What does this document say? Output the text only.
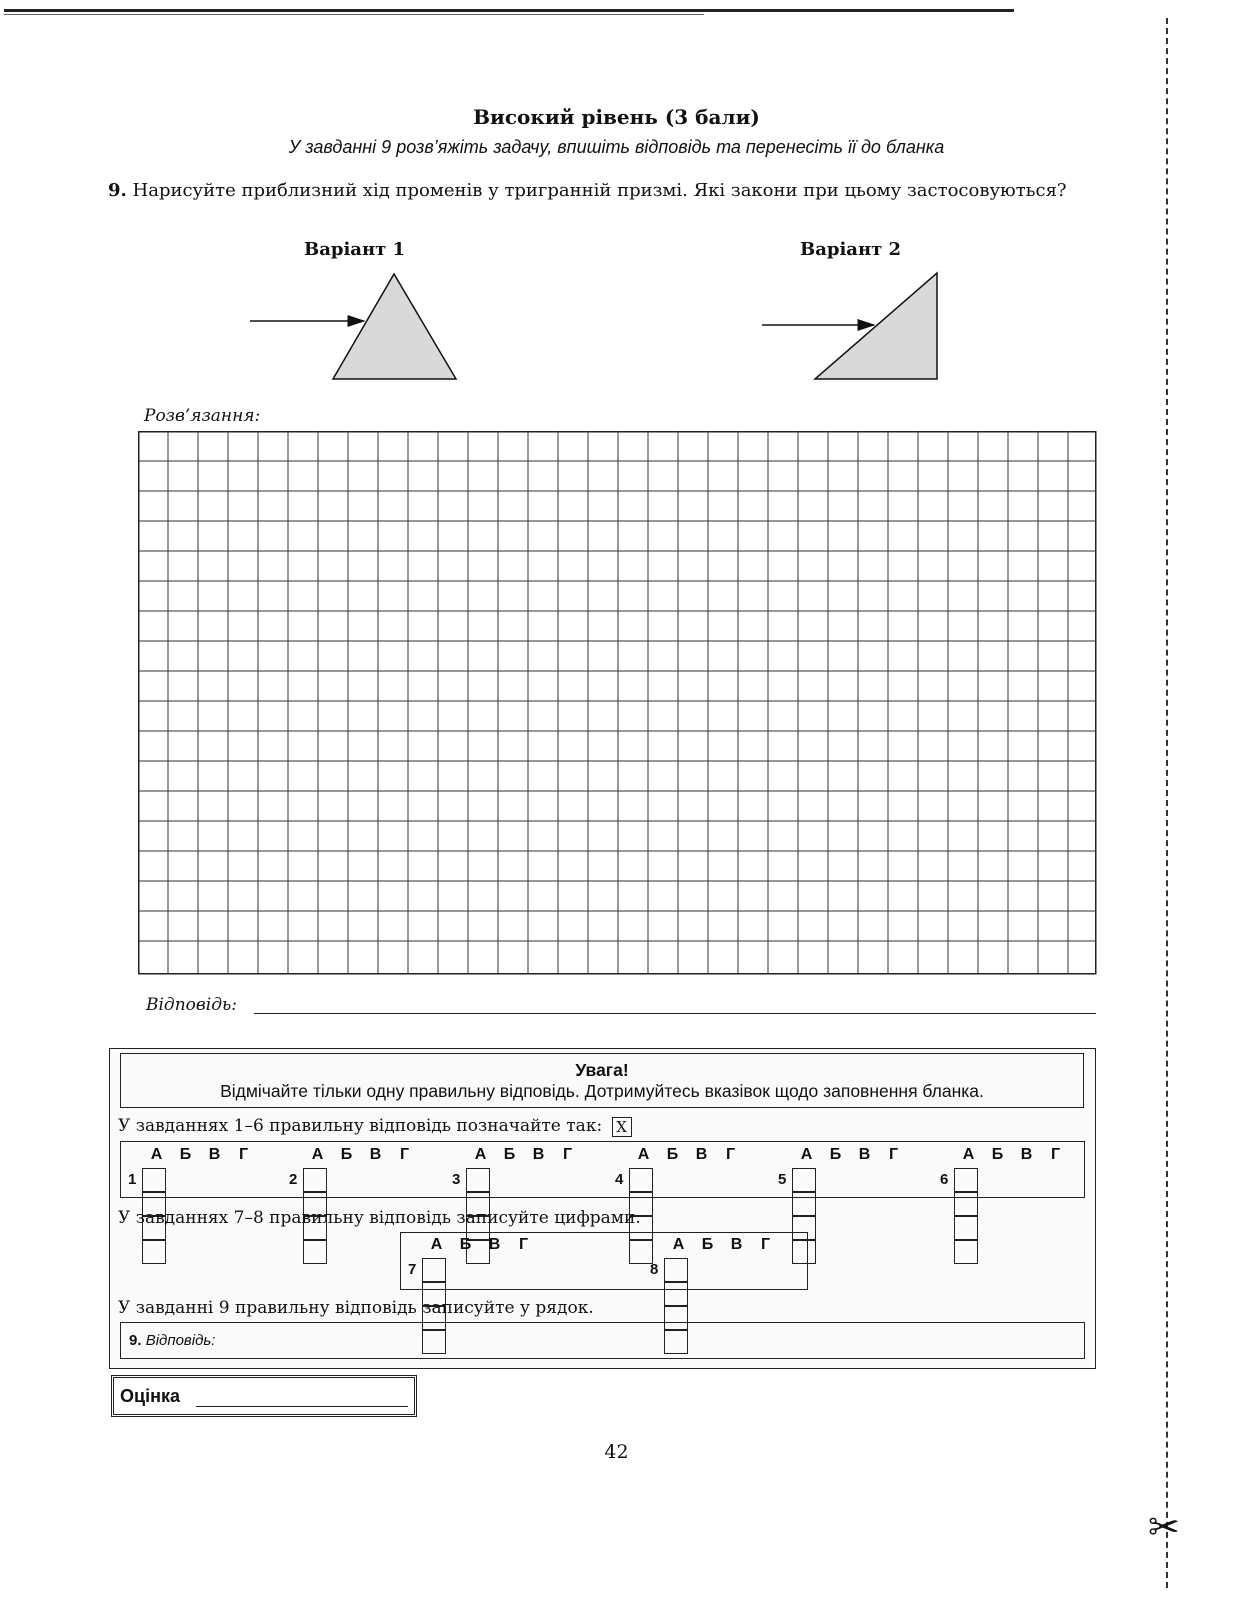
✂
Високий рівень (3 бали)
У завданні 9 розв’яжіть задачу, впишіть відповідь та перенесіть її до бланка
9. Нарисуйте приблизний хід променів у тригранній призмі. Які закони при цьому застосовуються?
Варіант 1	Варіант 2
Розв’язання:
Відповідь:
Увага!
Відмічайте тільки одну правильну відповідь. Дотримуйтесь вказівок щодо заповнення бланка.
У завданнях 1–6 правильну відповідь позначайте так: X
А Б В Г
1
А Б В Г
2
А Б В Г
3
А Б В Г
4
А Б В Г
5
А Б В Г
6
У завданнях 7–8 правильну відповідь записуйте цифрами.
А Б В Г
7
А Б В Г
8
У завданні 9 правильну відповідь записуйте у рядок.
9. Відповідь:
Оцінка
42
